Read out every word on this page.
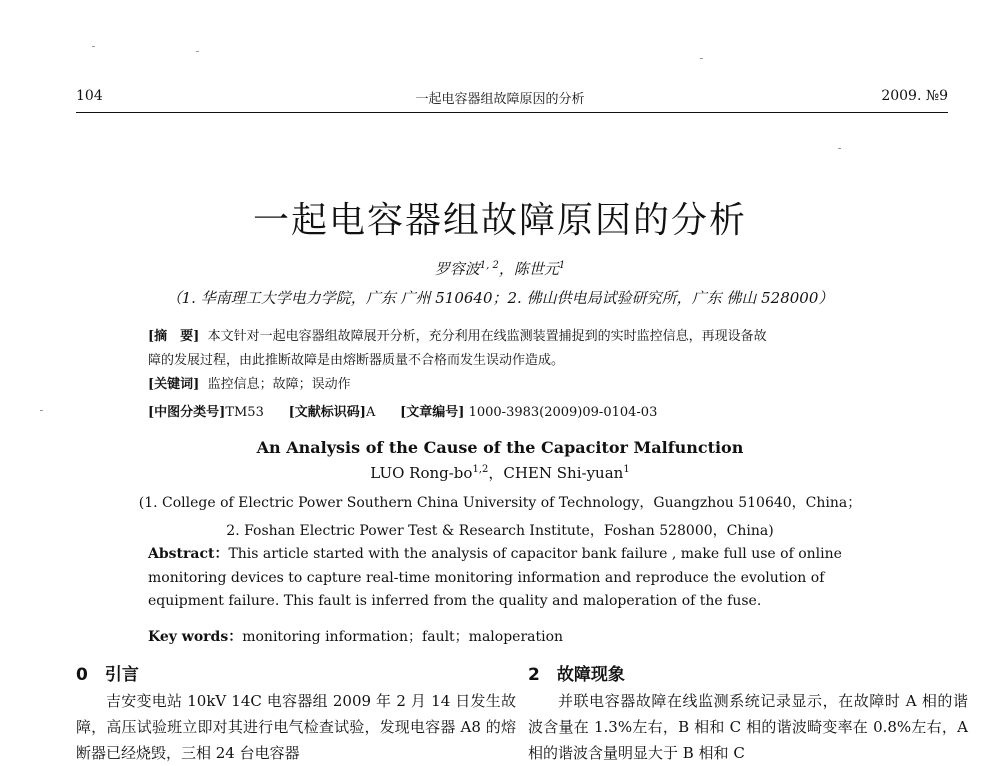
104	一起电容器组故障原因的分析	2009. №9
一起电容器组故障原因的分析
罗容波$^{1, 2}$，陈世元$^1$
（1. 华南理工大学电力学院，广东 广州 510640；2. 佛山供电局试验研究所，广东 佛山 528000）
[摘　要] 本文针对一起电容器组故障展开分析，充分利用在线监测装置捕捉到的实时监控信息，再现设备故
障的发展过程，由此推断故障是由熔断器质量不合格而发生误动作造成。
[关键词] 监控信息；故障；误动作
[中图分类号]TM53 [文献标识码]A [文章编号] 1000-3983(2009)09-0104-03
An Analysis of the Cause of the Capacitor Malfunction
LUO Rong-bo$^{1,2}$，CHEN Shi-yuan$^1$
(1. College of Electric Power Southern China University of Technology，Guangzhou 510640，China；
2. Foshan Electric Power Test & Research Institute，Foshan 528000，China)
Abstract：This article started with the analysis of capacitor bank failure , make full use of online monitoring devices to capture real-time monitoring information and reproduce the evolution of equipment failure. This fault is inferred from the quality and maloperation of the fuse.
Key words：monitoring information；fault；maloperation
0　引言	2　故障现象
吉安变电站 10kV 14C 电容器组 2009 年 2 月 14 日发生故障，高压试验班立即对其进行电气检查试验，发现电容器 A8 的熔断器已经烧毁，三相 24 台电容器
并联电容器故障在线监测系统记录显示，在故障时 A 相的谐波含量在 1.3%左右，B 相和 C 相的谐波畸变率在 0.8%左右，A 相的谐波含量明显大于 B 相和 C
